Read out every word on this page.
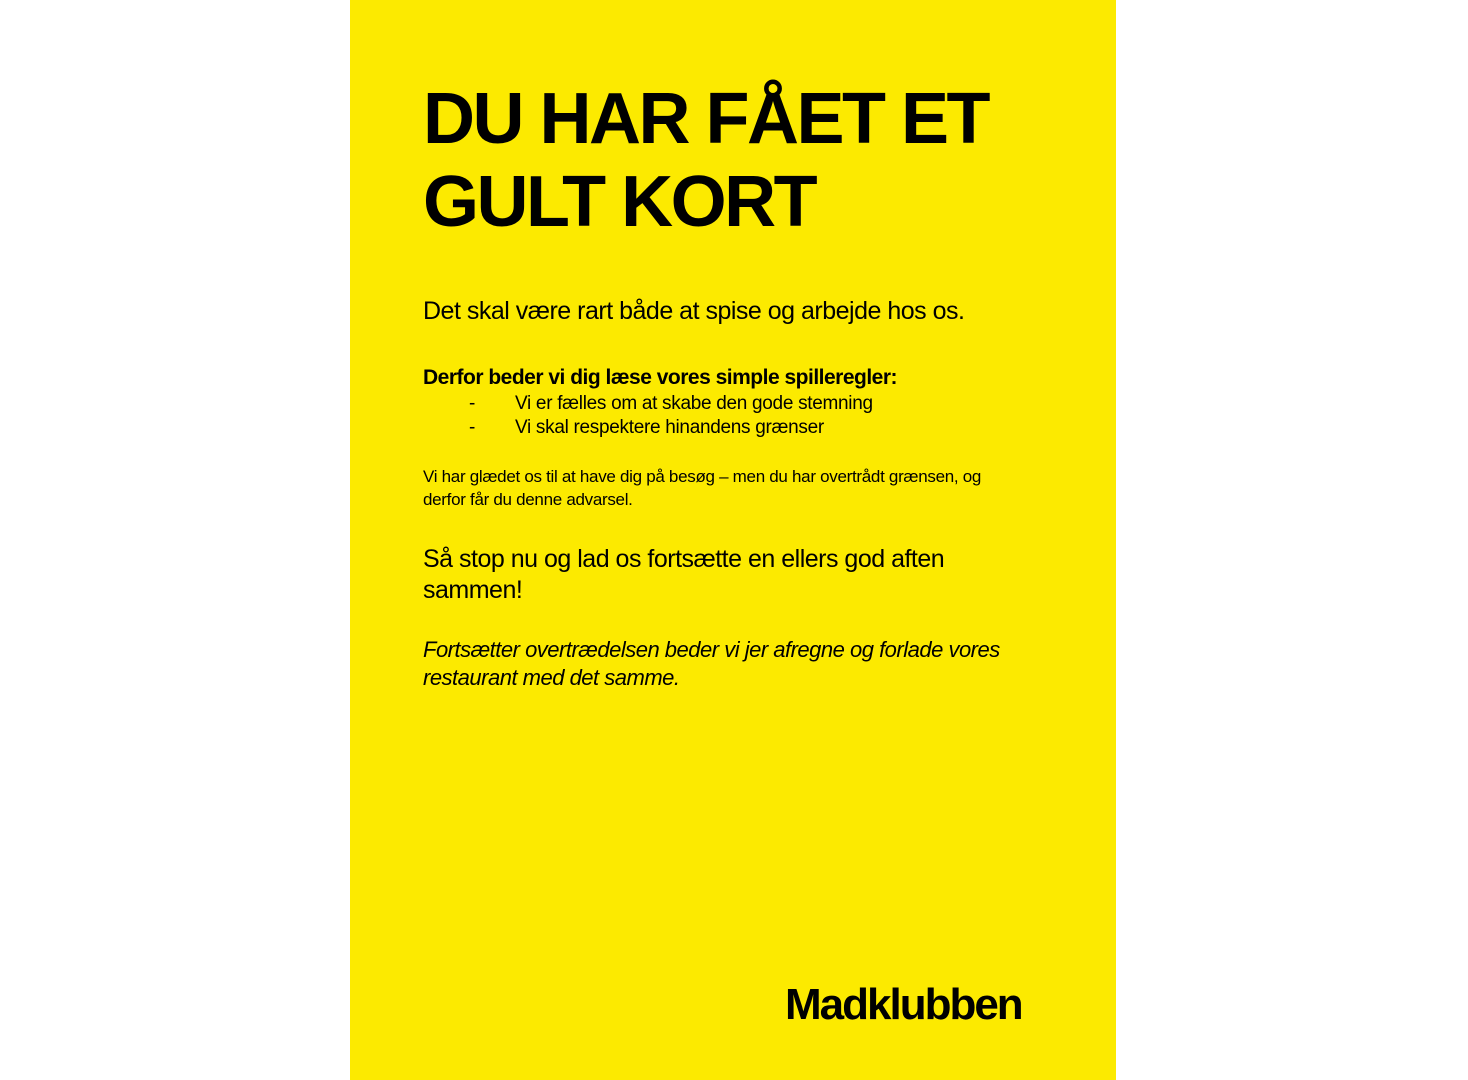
DU HAR FÅET ET GULT KORT

Det skal være rart både at spise og arbejde hos os.

Derfor beder vi dig læse vores simple spilleregler:

- Vi er fælles om at skabe den gode stemning
- Vi skal respektere hinandens grænser

Vi har glædet os til at have dig på besøg – men du har overtrådt grænsen, og derfor får du denne advarsel.

Så stop nu og lad os fortsætte en ellers god aften sammen!

Fortsætter overtrædelsen beder vi jer afregne og forlade vores restaurant med det samme.

Madklubben
